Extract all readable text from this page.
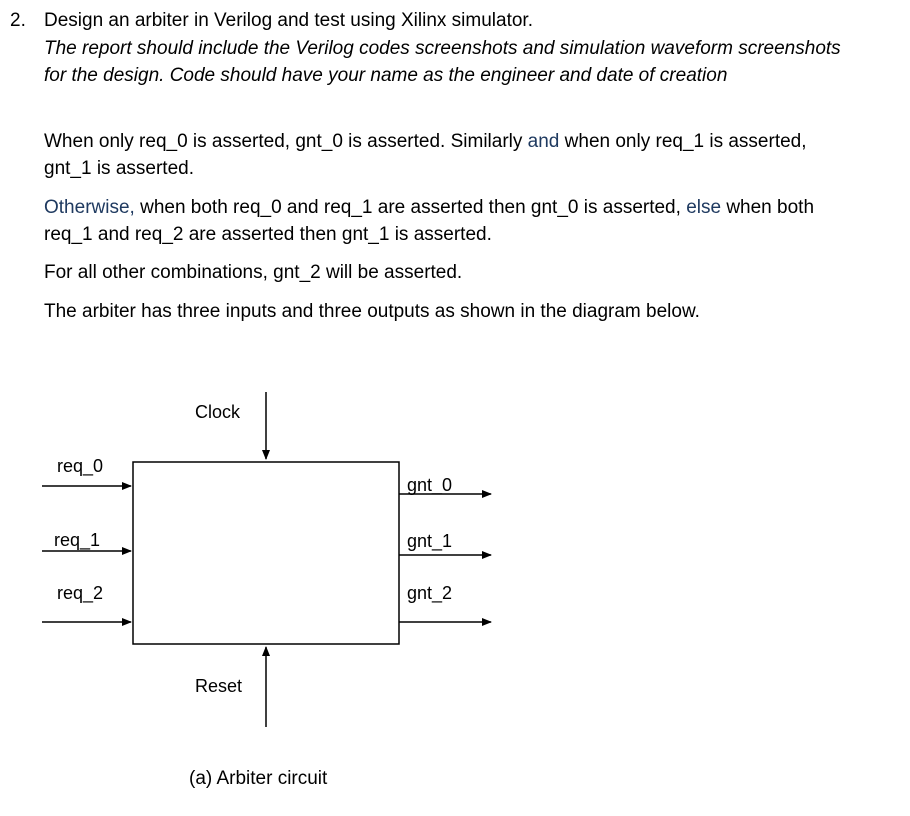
2. Design an arbiter in Verilog and test using Xilinx simulator.
The report should include the Verilog codes screenshots and simulation waveform screenshots
for the design. Code should have your name as the engineer and date of creation
When only req_0 is asserted, gnt_0 is asserted. Similarly and when only req_1 is asserted,
gnt_1 is asserted.
Otherwise, when both req_0 and req_1 are asserted then gnt_0 is asserted, else when both
req_1 and req_2 are asserted then gnt_1 is asserted.
For all other combinations, gnt_2 will be asserted.
The arbiter has three inputs and three outputs as shown in the diagram below.
Clock
Reset
req_0
req_1
req_2
gnt_0
gnt_1
gnt_2
(a) Arbiter circuit
